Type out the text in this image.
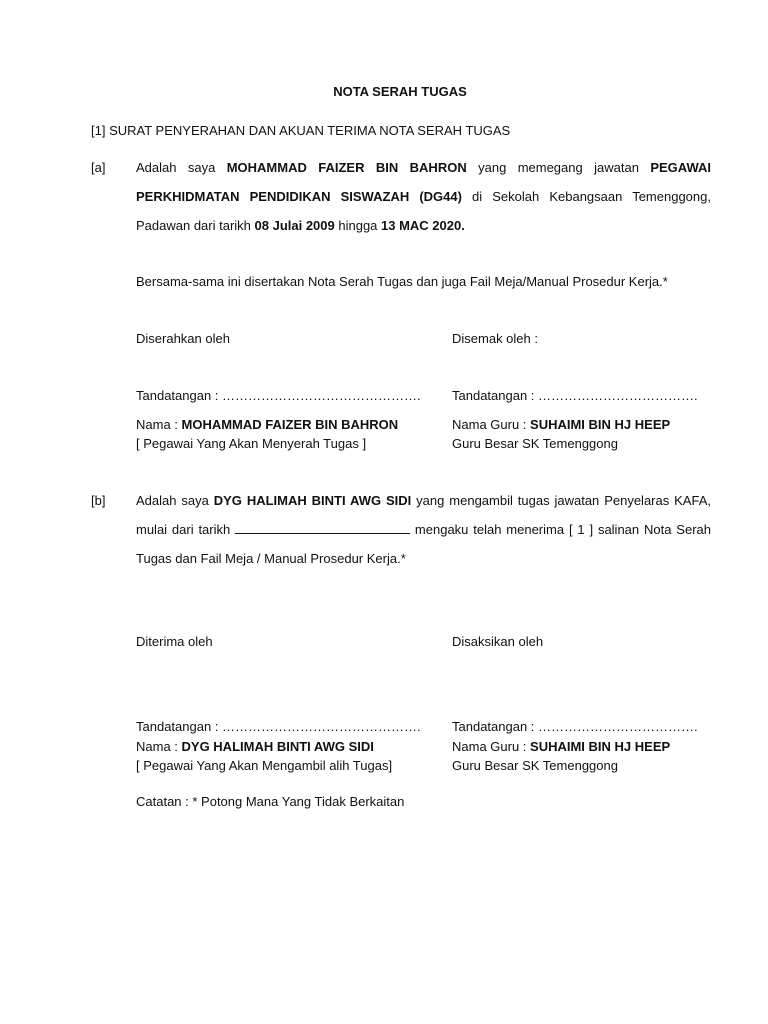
NOTA SERAH TUGAS
[1] SURAT PENYERAHAN DAN AKUAN TERIMA NOTA SERAH TUGAS
[a] Adalah saya MOHAMMAD FAIZER BIN BAHRON yang memegang jawatan PEGAWAI PERKHIDMATAN PENDIDIKAN SISWAZAH (DG44) di Sekolah Kebangsaan Temenggong, Padawan dari tarikh 08 Julai 2009 hingga 13 MAC 2020.
Bersama-sama ini disertakan Nota Serah Tugas dan juga Fail Meja/Manual Prosedur Kerja.*
Diserahkan oleh	Disemak oleh :
Tandatangan : ………………………………………. Tandatangan : ……………………………….
Nama : MOHAMMAD FAIZER BIN BAHRON	Nama Guru : SUHAIMI BIN HJ HEEP
[ Pegawai Yang Akan Menyerah Tugas ]	Guru Besar SK Temenggong
[b] Adalah saya DYG HALIMAH BINTI AWG SIDI yang mengambil tugas jawatan Penyelaras KAFA, mulai dari tarikh	mengaku telah menerima [ 1 ] salinan Nota Serah Tugas dan Fail Meja / Manual Prosedur Kerja.*
Diterima oleh	Disaksikan oleh
Tandatangan : ………………………………………. Tandatangan : ……………………………….
Nama : DYG HALIMAH BINTI AWG SIDI	Nama Guru : SUHAIMI BIN HJ HEEP
[ Pegawai Yang Akan Mengambil alih Tugas]	Guru Besar SK Temenggong
Catatan : * Potong Mana Yang Tidak Berkaitan
